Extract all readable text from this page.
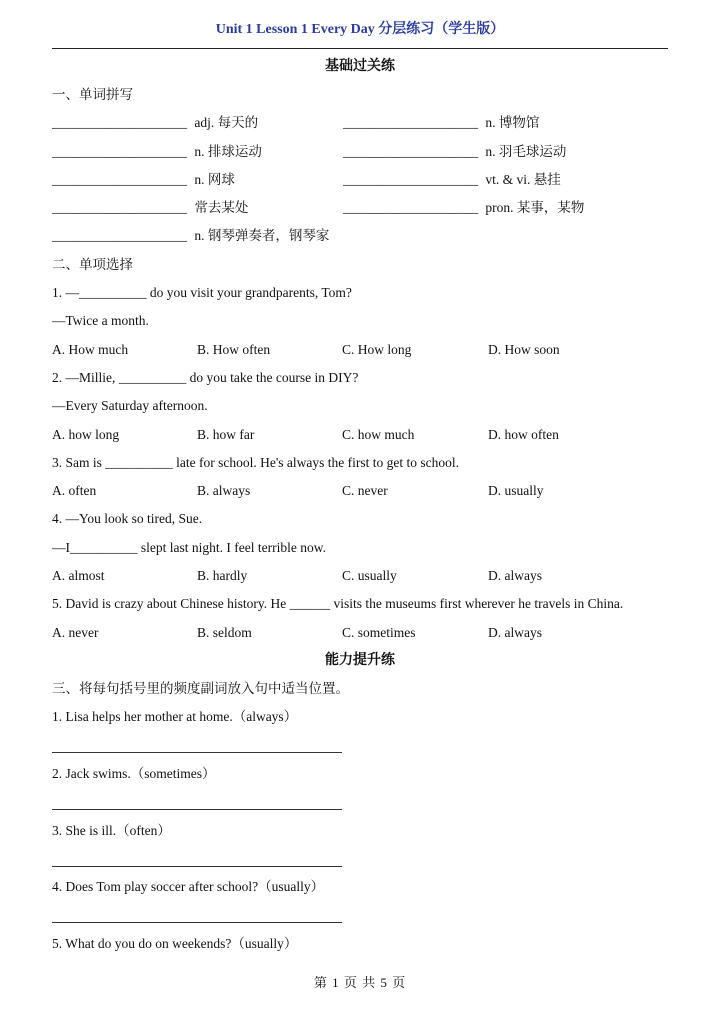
Unit 1 Lesson 1 Every Day 分层练习（学生版）
基础过关练
一、单词拼写
____________________ adj. 每天的	____________________ n. 博物馆
____________________ n. 排球运动	____________________ n. 羽毛球运动
____________________ n. 网球	____________________ vt. & vi. 悬挂
____________________ 常去某处	____________________ pron. 某事，某物
____________________ n. 钢琴弹奏者，钢琴家
二、单项选择
1. —__________ do you visit your grandparents, Tom?
—Twice a month.
A. How much	B. How often	C. How long	D. How soon
2. —Millie, __________ do you take the course in DIY?
—Every Saturday afternoon.
A. how long	B. how far	C. how much	D. how often
3. Sam is __________ late for school. He's always the first to get to school.
A. often	B. always	C. never	D. usually
4. —You look so tired, Sue.
—I__________ slept last night. I feel terrible now.
A. almost	B. hardly	C. usually	D. always
5. David is crazy about Chinese history. He ______ visits the museums first wherever he travels in China.
A. never	B. seldom	C. sometimes	D. always
能力提升练
三、将每句括号里的频度副词放入句中适当位置。
1. Lisa helps her mother at home.（always）
2. Jack swims.（sometimes）
3. She is ill.（often）
4. Does Tom play soccer after school?（usually）
5. What do you do on weekends?（usually）
第 1 页 共 5 页
